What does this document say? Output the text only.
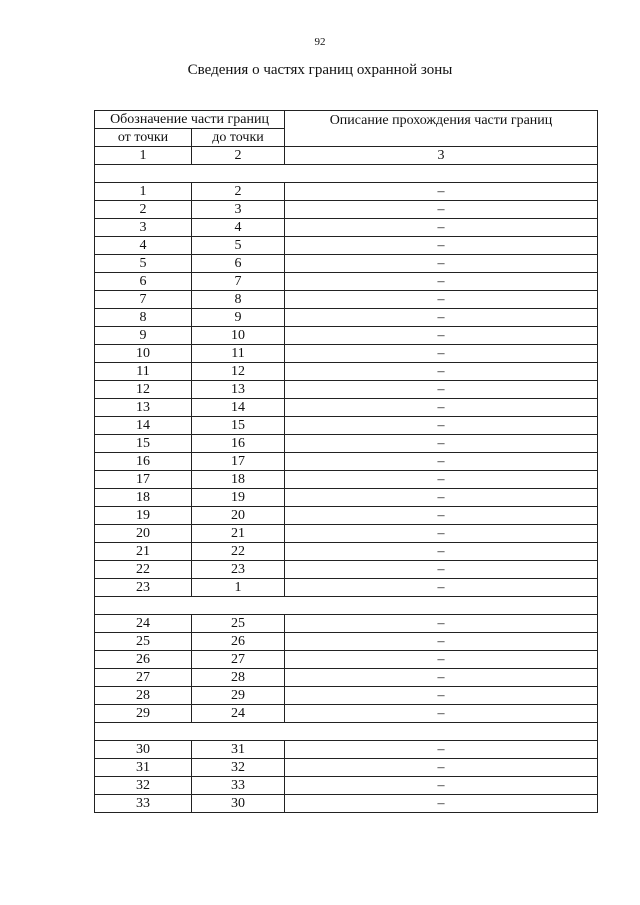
92
Сведения о частях границ охранной зоны
Обозначение части границ		Описание прохождения части границ
от точки	до точки	
1	2	3

1	2	–
2	3	–
3	4	–
4	5	–
5	6	–
6	7	–
7	8	–
8	9	–
9	10	–
10	11	–
11	12	–
12	13	–
13	14	–
14	15	–
15	16	–
16	17	–
17	18	–
18	19	–
19	20	–
20	21	–
21	22	–
22	23	–
23	1	–

24	25	–
25	26	–
26	27	–
27	28	–
28	29	–
29	24	–

30	31	–
31	32	–
32	33	–
33	30	–
